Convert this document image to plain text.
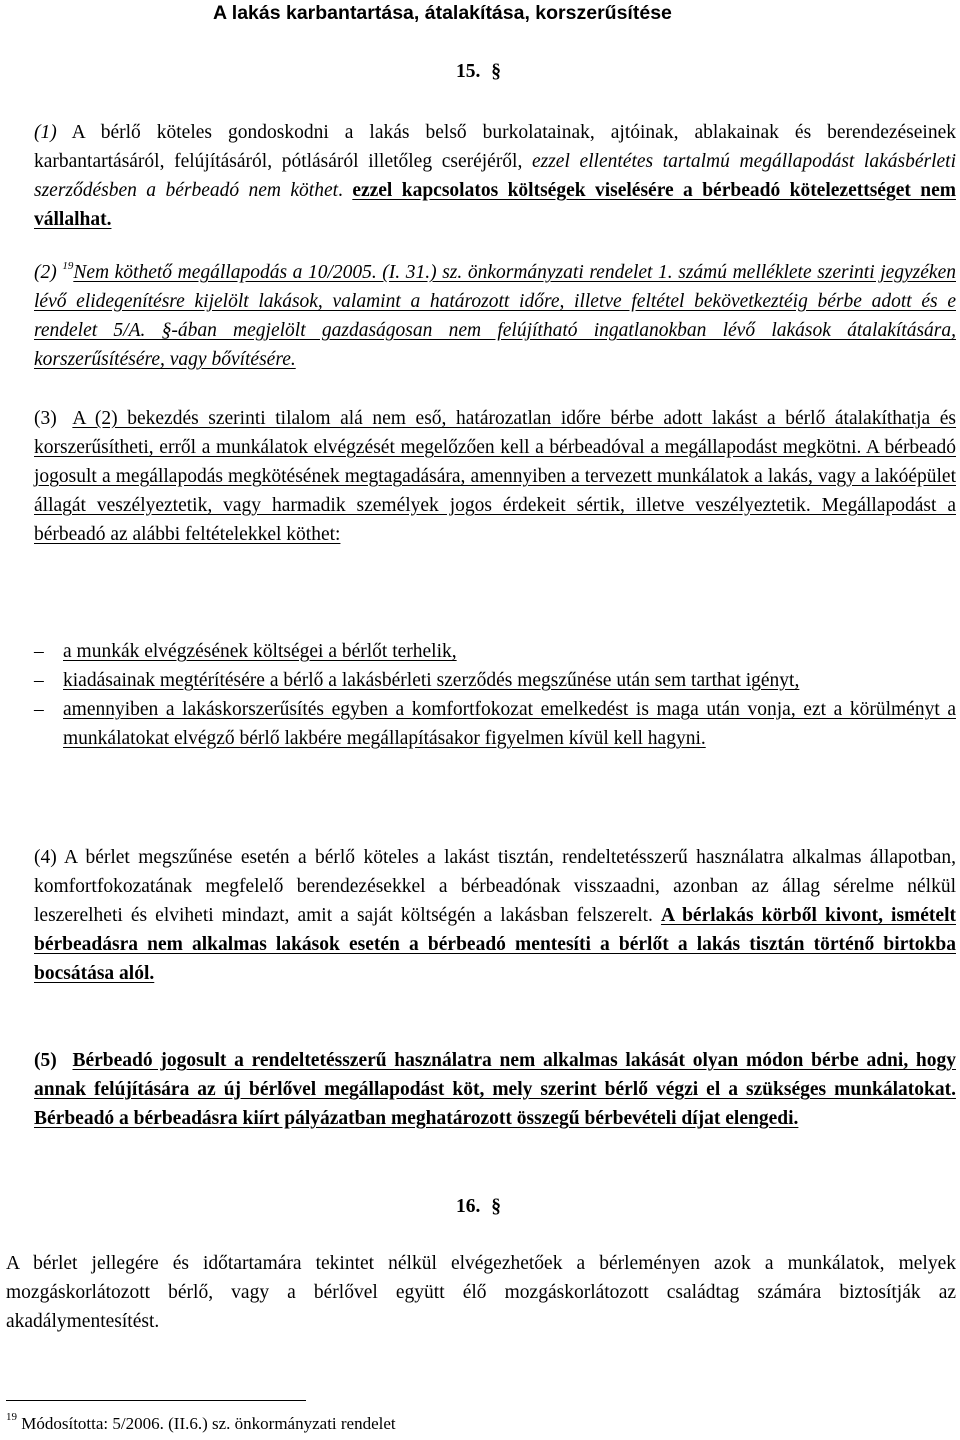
A lakás karbantartása, átalakítása, korszerűsítése
15. §

(1) A bérlő köteles gondoskodni a lakás belső burkolatainak, ajtóinak, ablakainak és berendezéseinek karbantartásáról, felújításáról, pótlásáról illetőleg cseréjéről, ezzel ellentétes tartalmú megállapodást lakásbérleti szerződésben a bérbeadó nem köthet. ezzel kapcsolatos költségek viselésére a bérbeadó kötelezettséget nem vállalhat.

(2) $^{19}$Nem köthető megállapodás a 10/2005. (I. 31.) sz. önkormányzati rendelet 1. számú melléklete szerinti jegyzéken lévő elidegenítésre kijelölt lakások, valamint a határozott időre, illetve feltétel bekövetkeztéig bérbe adott és e rendelet 5/A. §-ában megjelölt gazdaságosan nem felújítható ingatlanokban lévő lakások átalakítására, korszerűsítésére, vagy bővítésére.

(3) A (2) bekezdés szerinti tilalom alá nem eső, határozatlan időre bérbe adott lakást a bérlő átalakíthatja és korszerűsítheti, erről a munkálatok elvégzését megelőzően kell a bérbeadóval a megállapodást megkötni. A bérbeadó jogosult a megállapodás megkötésének megtagadására, amennyiben a tervezett munkálatok a lakás, vagy a lakóépület állagát veszélyeztetik, vagy harmadik személyek jogos érdekeit sértik, illetve veszélyeztetik. Megállapodást a bérbeadó az alábbi feltételekkel köthet:

– a munkák elvégzésének költségei a bérlőt terhelik,
– kiadásainak megtérítésére a bérlő a lakásbérleti szerződés megszűnése után sem tarthat igényt,
– amennyiben a lakáskorszerűsítés egyben a komfortfokozat emelkedést is maga után vonja, ezt a körülményt a munkálatokat elvégző bérlő lakbére megállapításakor figyelmen kívül kell hagyni.

(4) A bérlet megszűnése esetén a bérlő köteles a lakást tisztán, rendeltetésszerű használatra alkalmas állapotban, komfortfokozatának megfelelő berendezésekkel a bérbeadónak visszaadni, azonban az állag sérelme nélkül leszerelheti és elviheti mindazt, amit a saját költségén a lakásban felszerelt. A bérlakás körből kivont, ismételt bérbeadásra nem alkalmas lakások esetén a bérbeadó mentesíti a bérlőt a lakás tisztán történő birtokba bocsátása alól.

(5) Bérbeadó jogosult a rendeltetésszerű használatra nem alkalmas lakását olyan módon bérbe adni, hogy annak felújítására az új bérlővel megállapodást köt, mely szerint bérlő végzi el a szükséges munkálatokat. Bérbeadó a bérbeadásra kiírt pályázatban meghatározott összegű bérbevételi díjat elengedi.

16. §

A bérlet jellegére és időtartamára tekintet nélkül elvégezhetőek a bérleményen azok a munkálatok, melyek mozgáskorlátozott bérlő, vagy a bérlővel együtt élő mozgáskorlátozott családtag számára biztosítják az akadálymentesítést.

$^{19}$ Módosította: 5/2006. (II.6.) sz. önkormányzati rendelet
